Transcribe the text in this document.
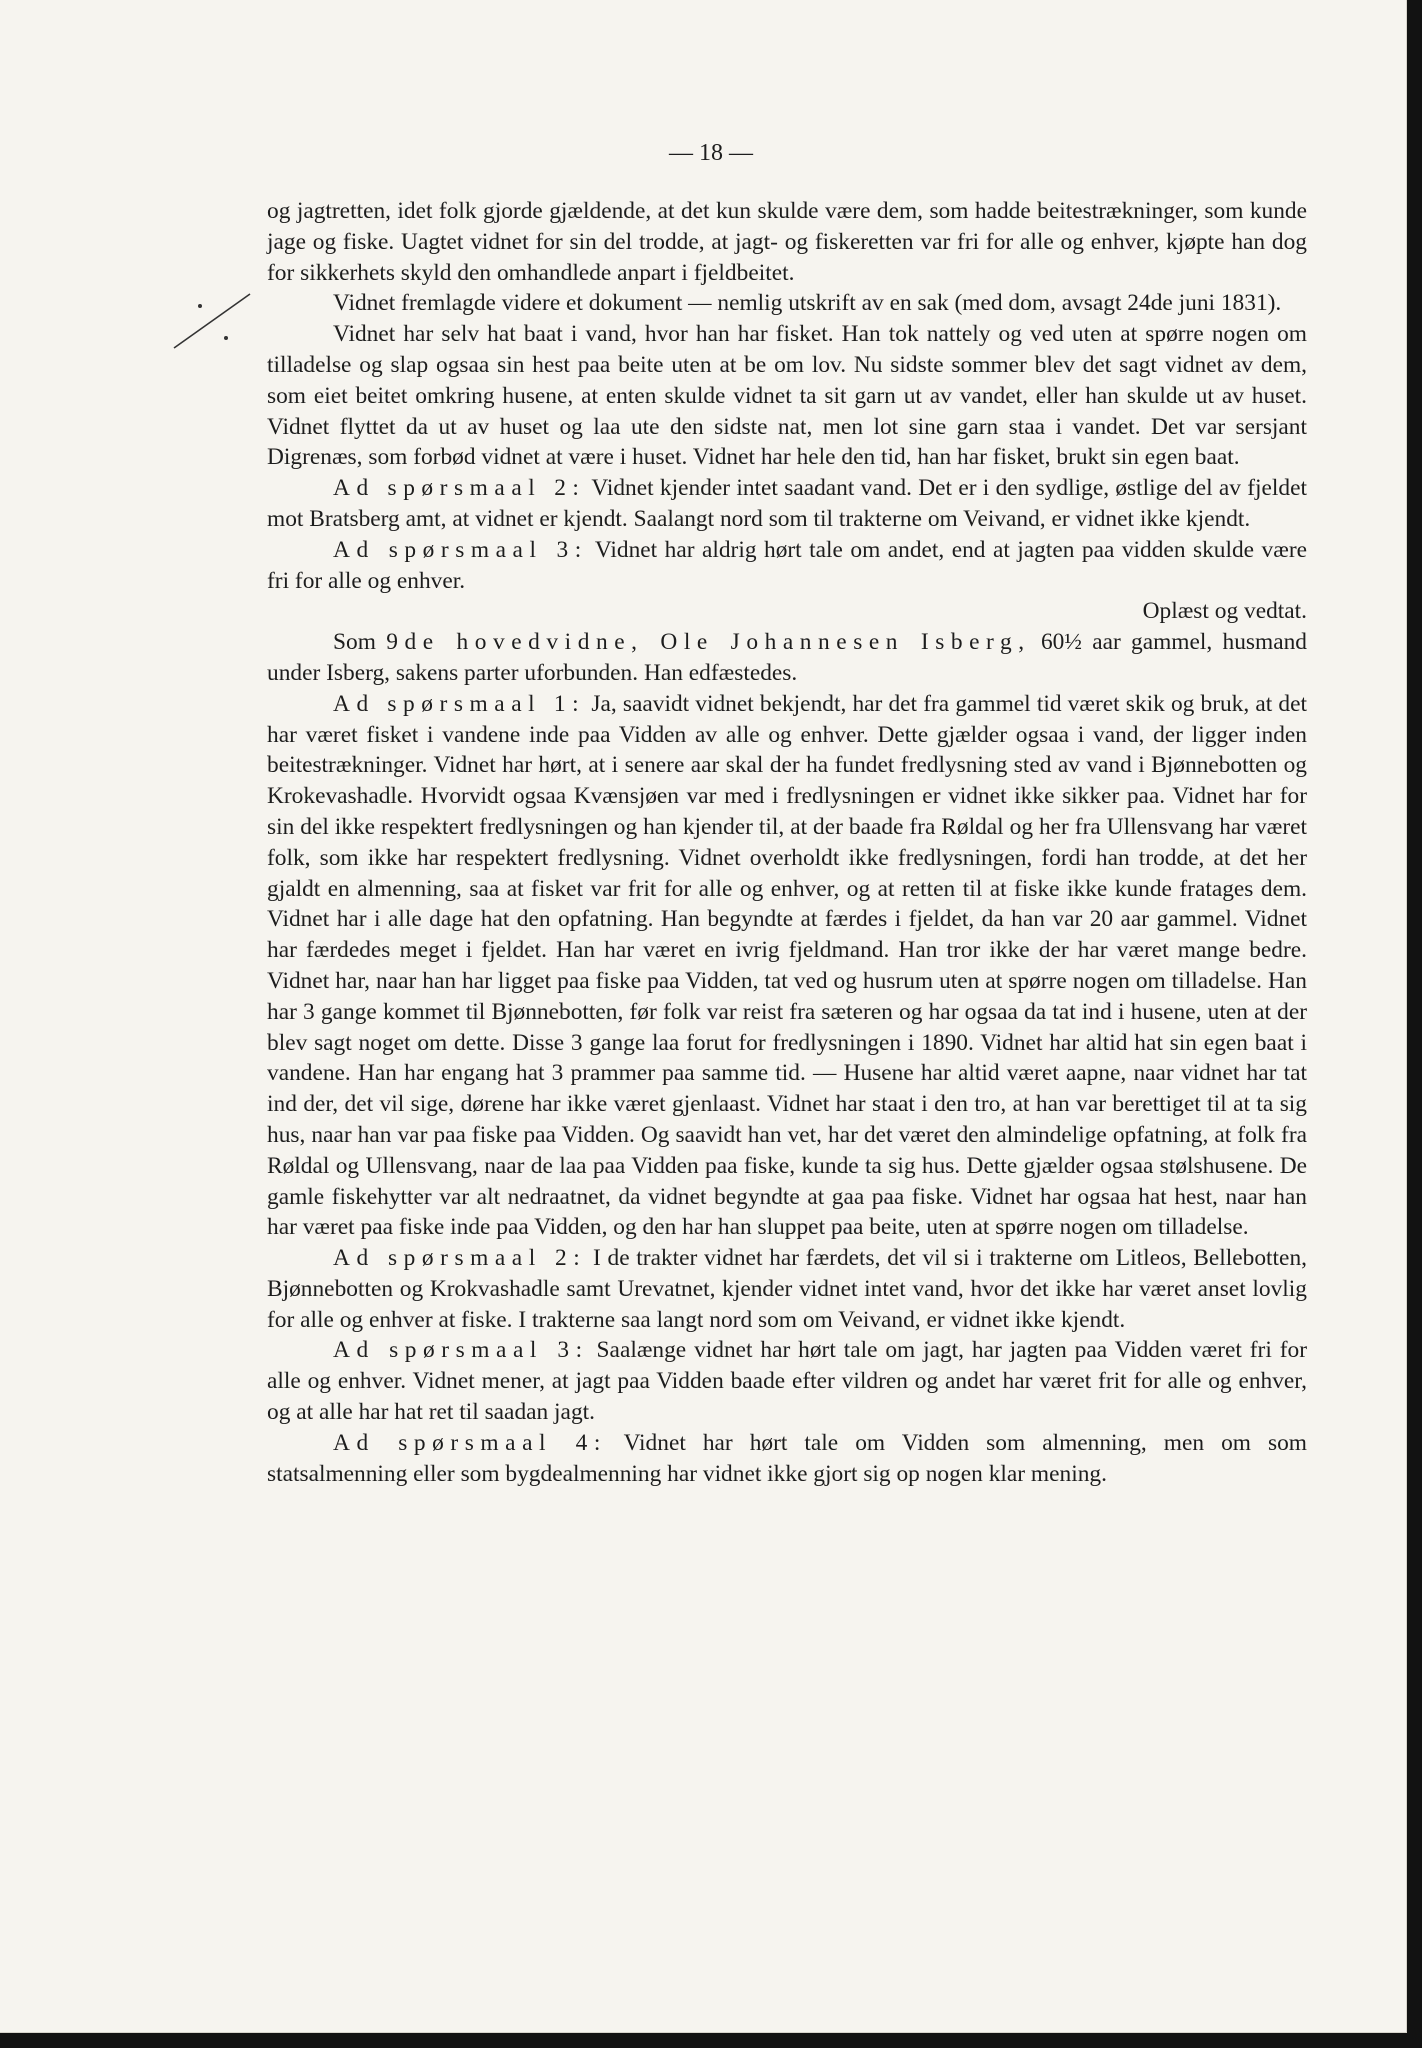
— 18 —

og jagtretten, idet folk gjorde gjældende, at det kun skulde være dem, som hadde beitestrækninger, som kunde jage og fiske. Uagtet vidnet for sin del trodde, at jagt- og fiskeretten var fri for alle og enhver, kjøpte han dog for sikkerhets skyld den omhandlede anpart i fjeldbeitet.

Vidnet fremlagde videre et dokument — nemlig utskrift av en sak (med dom, avsagt 24de juni 1831).

Vidnet har selv hat baat i vand, hvor han har fisket. Han tok nattely og ved uten at spørre nogen om tilladelse og slap ogsaa sin hest paa beite uten at be om lov. Nu sidste sommer blev det sagt vidnet av dem, som eiet beitet omkring husene, at enten skulde vidnet ta sit garn ut av vandet, eller han skulde ut av huset. Vidnet flyttet da ut av huset og laa ute den sidste nat, men lot sine garn staa i vandet. Det var sersjant Digrenæs, som forbød vidnet at være i huset. Vidnet har hele den tid, han har fisket, brukt sin egen baat.

Ad spørsmaal 2: Vidnet kjender intet saadant vand. Det er i den sydlige, østlige del av fjeldet mot Bratsberg amt, at vidnet er kjendt. Saalangt nord som til trakterne om Veivand, er vidnet ikke kjendt.

Ad spørsmaal 3: Vidnet har aldrig hørt tale om andet, end at jagten paa vidden skulde være fri for alle og enhver.

Oplæst og vedtat.

Som 9de hovedvidne, Ole Johannesen Isberg, 60½ aar gammel, husmand under Isberg, sakens parter uforbunden. Han edfæstedes.

Ad spørsmaal 1: Ja, saavidt vidnet bekjendt, har det fra gammel tid været skik og bruk, at det har været fisket i vandene inde paa Vidden av alle og enhver. Dette gjælder ogsaa i vand, der ligger inden beitestrækninger. Vidnet har hørt, at i senere aar skal der ha fundet fredlysning sted av vand i Bjønnebotten og Krokevashadle. Hvorvidt ogsaa Kvænsjøen var med i fredlysningen er vidnet ikke sikker paa. Vidnet har for sin del ikke respektert fredlysningen og han kjender til, at der baade fra Røldal og her fra Ullensvang har været folk, som ikke har respektert fredlysning. Vidnet overholdt ikke fredlysningen, fordi han trodde, at det her gjaldt en almenning, saa at fisket var frit for alle og enhver, og at retten til at fiske ikke kunde fratages dem. Vidnet har i alle dage hat den opfatning. Han begyndte at færdes i fjeldet, da han var 20 aar gammel. Vidnet har færdedes meget i fjeldet. Han har været en ivrig fjeldmand. Han tror ikke der har været mange bedre. Vidnet har, naar han har ligget paa fiske paa Vidden, tat ved og husrum uten at spørre nogen om tilladelse. Han har 3 gange kommet til Bjønnebotten, før folk var reist fra sæteren og har ogsaa da tat ind i husene, uten at der blev sagt noget om dette. Disse 3 gange laa forut for fredlysningen i 1890. Vidnet har altid hat sin egen baat i vandene. Han har engang hat 3 prammer paa samme tid. — Husene har altid været aapne, naar vidnet har tat ind der, det vil sige, dørene har ikke været gjenlaast. Vidnet har staat i den tro, at han var berettiget til at ta sig hus, naar han var paa fiske paa Vidden. Og saavidt han vet, har det været den almindelige opfatning, at folk fra Røldal og Ullensvang, naar de laa paa Vidden paa fiske, kunde ta sig hus. Dette gjælder ogsaa stølshusene. De gamle fiskehytter var alt nedraatnet, da vidnet begyndte at gaa paa fiske. Vidnet har ogsaa hat hest, naar han har været paa fiske inde paa Vidden, og den har han sluppet paa beite, uten at spørre nogen om tilladelse.

Ad spørsmaal 2: I de trakter vidnet har færdets, det vil si i trakterne om Litleos, Bellebotten, Bjønnebotten og Krokvashadle samt Urevatnet, kjender vidnet intet vand, hvor det ikke har været anset lovlig for alle og enhver at fiske. I trakterne saa langt nord som om Veivand, er vidnet ikke kjendt.

Ad spørsmaal 3: Saalænge vidnet har hørt tale om jagt, har jagten paa Vidden været fri for alle og enhver. Vidnet mener, at jagt paa Vidden baade efter vildren og andet har været frit for alle og enhver, og at alle har hat ret til saadan jagt.

Ad spørsmaal 4: Vidnet har hørt tale om Vidden som almenning, men om som statsalmenning eller som bygdealmenning har vidnet ikke gjort sig op nogen klar mening.
